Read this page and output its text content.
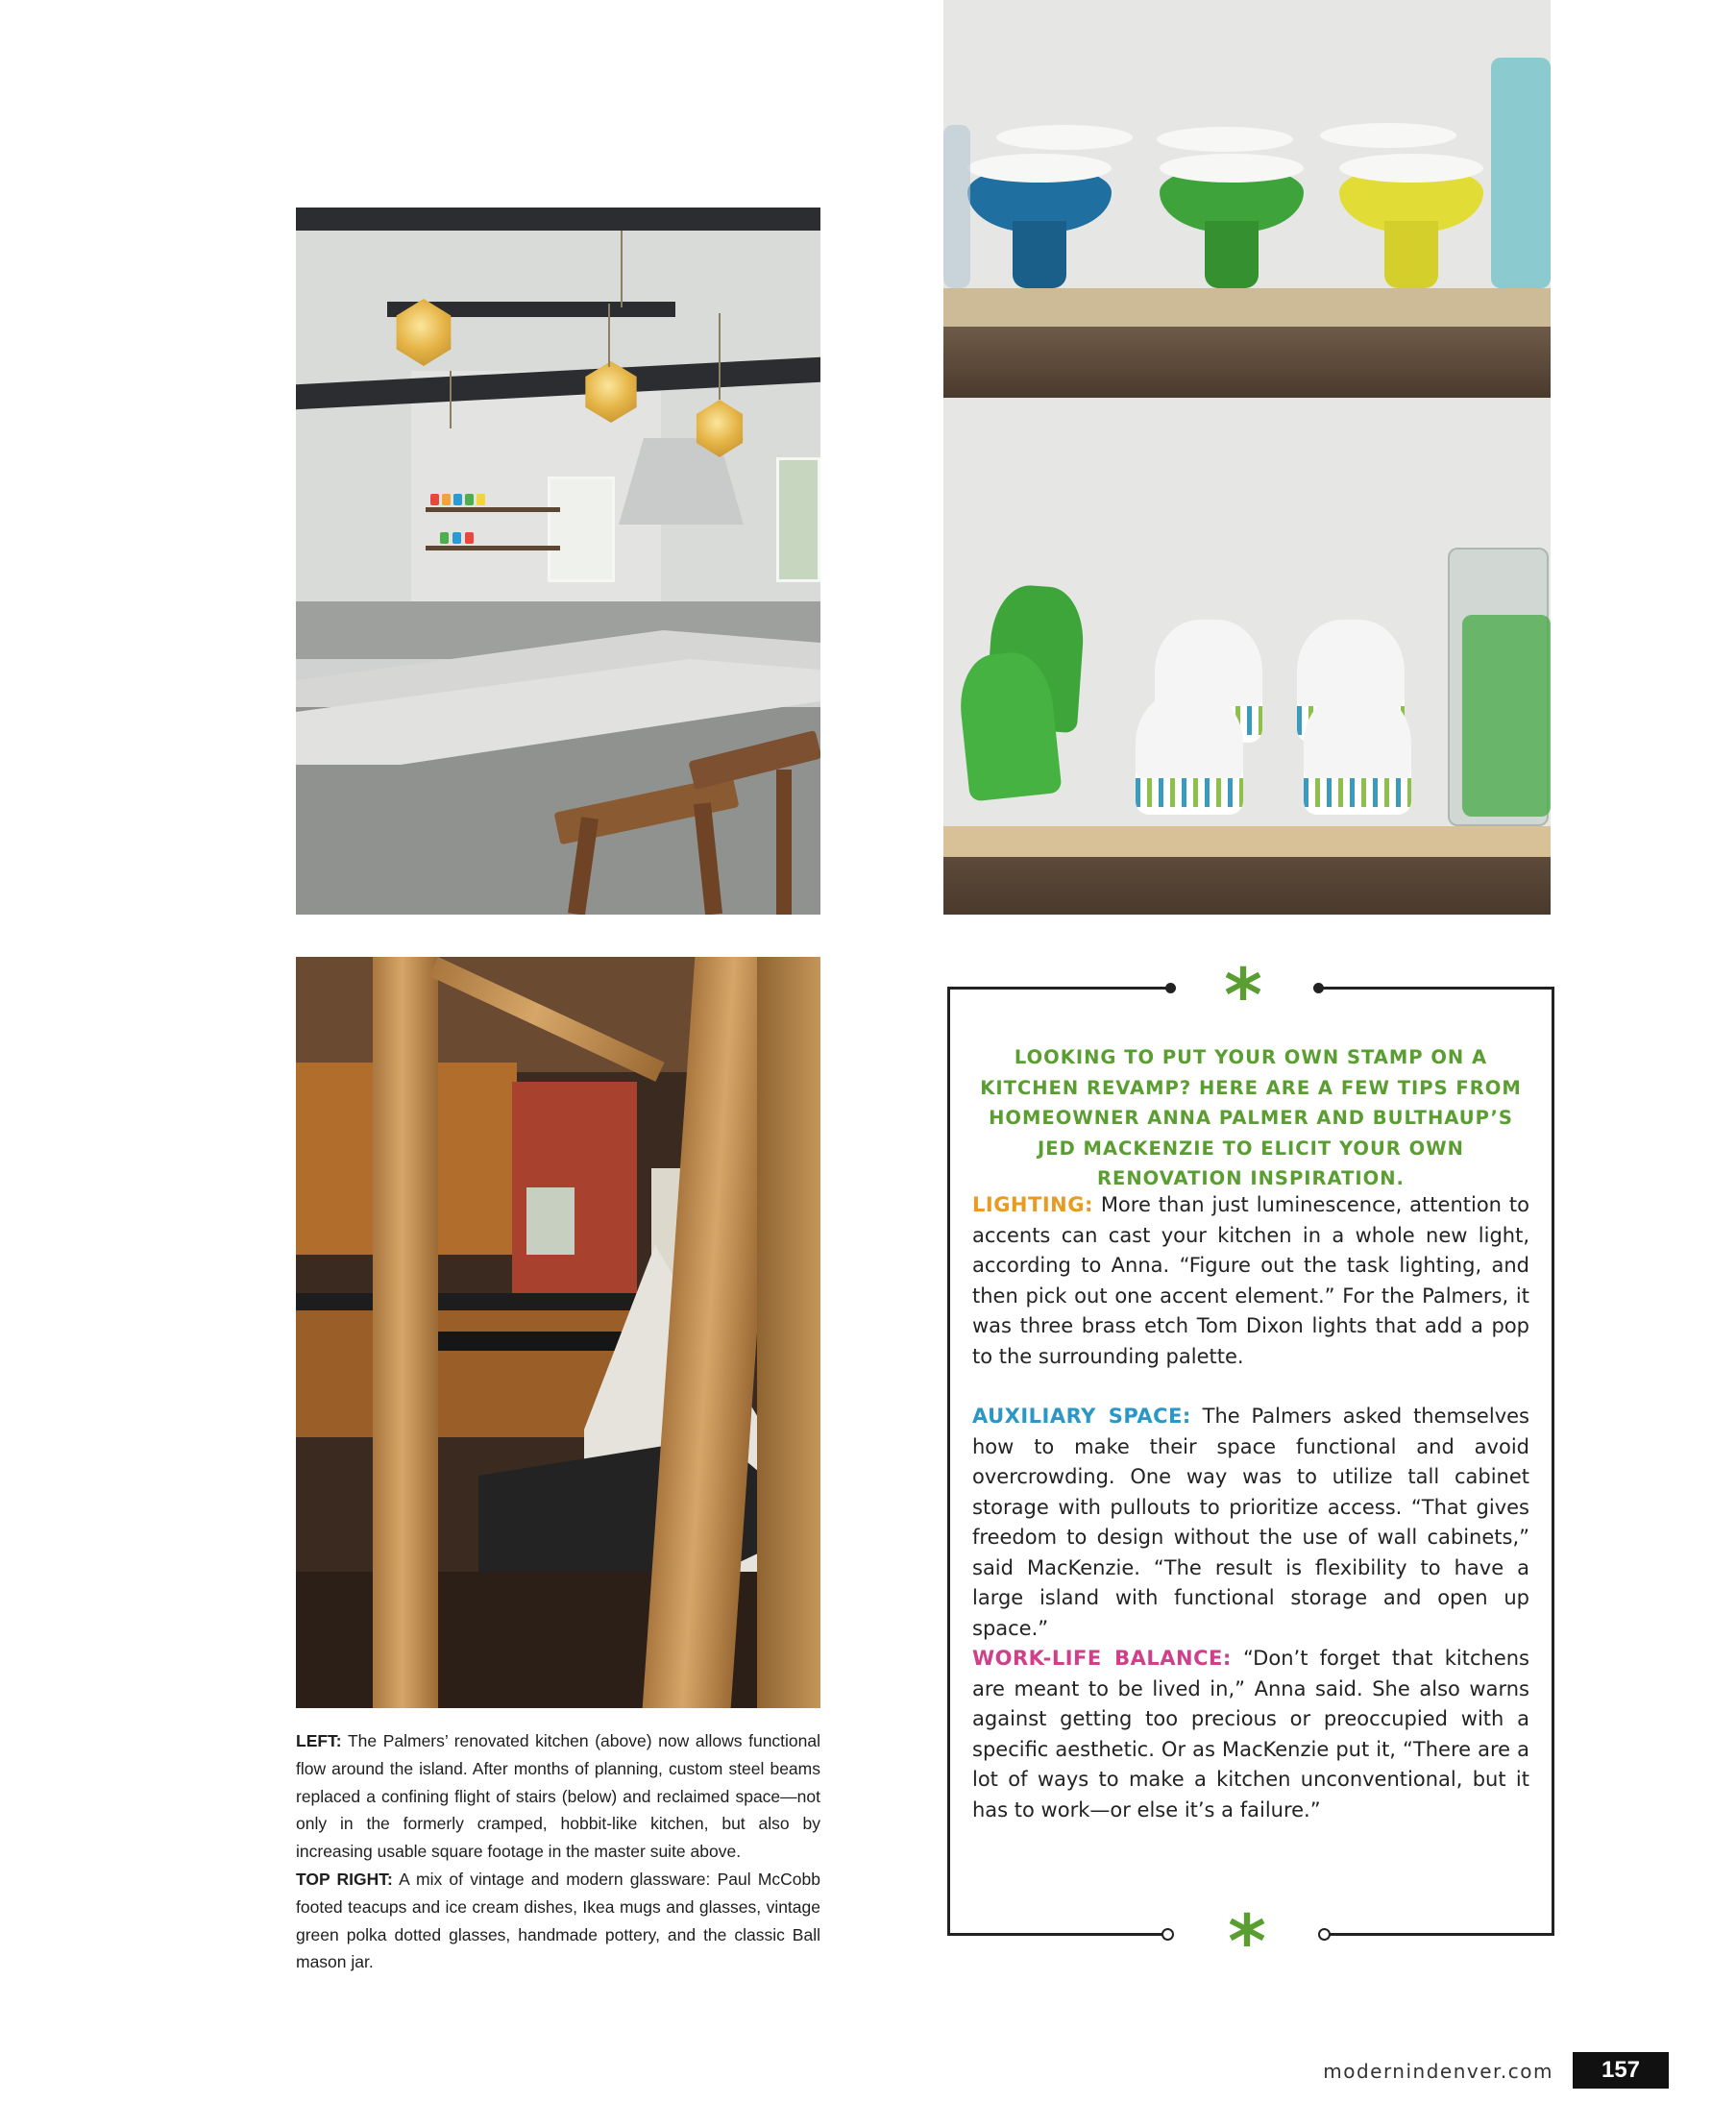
LEFT: The Palmers’ renovated kitchen (above) now allows functional flow around the island. After months of planning, custom steel beams replaced a confining flight of stairs (below) and reclaimed space—not only in the formerly cramped, hobbit-like kitchen, but also by increasing usable square footage in the master suite above.
TOP RIGHT: A mix of vintage and modern glassware: Paul McCobb footed teacups and ice cream dishes, Ikea mugs and glasses, vintage green polka dotted glasses, handmade pottery, and the classic Ball mason jar.
*
*
LOOKING TO PUT YOUR OWN STAMP ON A KITCHEN REVAMP? HERE ARE A FEW TIPS FROM HOMEOWNER ANNA PALMER AND BULTHAUP’S JED MACKENZIE TO ELICIT YOUR OWN RENOVATION INSPIRATION.
LIGHTING: More than just luminescence, attention to accents can cast your kitchen in a whole new light, according to Anna. “Figure out the task lighting, and then pick out one accent element.” For the Palmers, it was three brass etch Tom Dixon lights that add a pop to the surrounding palette.
AUXILIARY SPACE: The Palmers asked themselves how to make their space functional and avoid overcrowding. One way was to utilize tall cabinet storage with pullouts to prioritize access. “That gives freedom to design without the use of wall cabinets,” said MacKenzie. “The result is flexibility to have a large island with functional storage and open up space.”
WORK-LIFE BALANCE: “Don’t forget that kitchens are meant to be lived in,” Anna said. She also warns against getting too precious or preoccupied with a specific aesthetic. Or as MacKenzie put it, “There are a lot of ways to make a kitchen unconventional, but it has to work—or else it’s a failure.”
modernindenver.com	157
